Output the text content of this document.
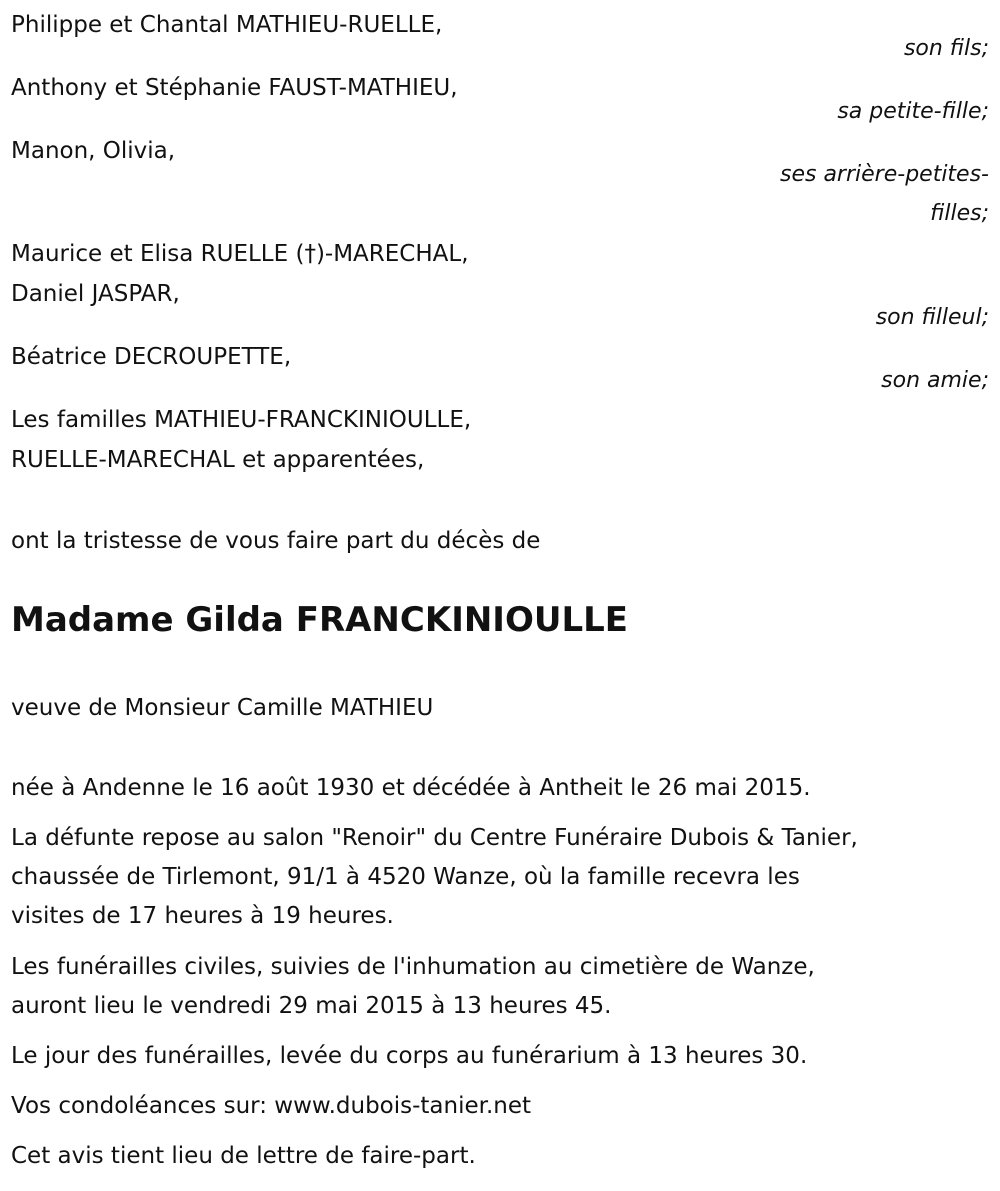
Philippe et Chantal MATHIEU-RUELLE,
son fils;
Anthony et Stéphanie FAUST-MATHIEU,
sa petite-fille;
Manon, Olivia,
ses arrière-petites-
filles;
Maurice et Elisa RUELLE (†)-MARECHAL,
Daniel JASPAR,
son filleul;
Béatrice DECROUPETTE,
son amie;
Les familles MATHIEU-FRANCKINIOULLE,
RUELLE-MARECHAL et apparentées,
ont la tristesse de vous faire part du décès de
Madame Gilda FRANCKINIOULLE
veuve de Monsieur Camille MATHIEU
née à Andenne le 16 août 1930 et décédée à Antheit le 26 mai 2015.
La défunte repose au salon "Renoir" du Centre Funéraire Dubois & Tanier,
chaussée de Tirlemont, 91/1 à 4520 Wanze, où la famille recevra les
visites de 17 heures à 19 heures.
Les funérailles civiles, suivies de l'inhumation au cimetière de Wanze,
auront lieu le vendredi 29 mai 2015 à 13 heures 45.
Le jour des funérailles, levée du corps au funérarium à 13 heures 30.
Vos condoléances sur: www.dubois-tanier.net
Cet avis tient lieu de lettre de faire-part.
